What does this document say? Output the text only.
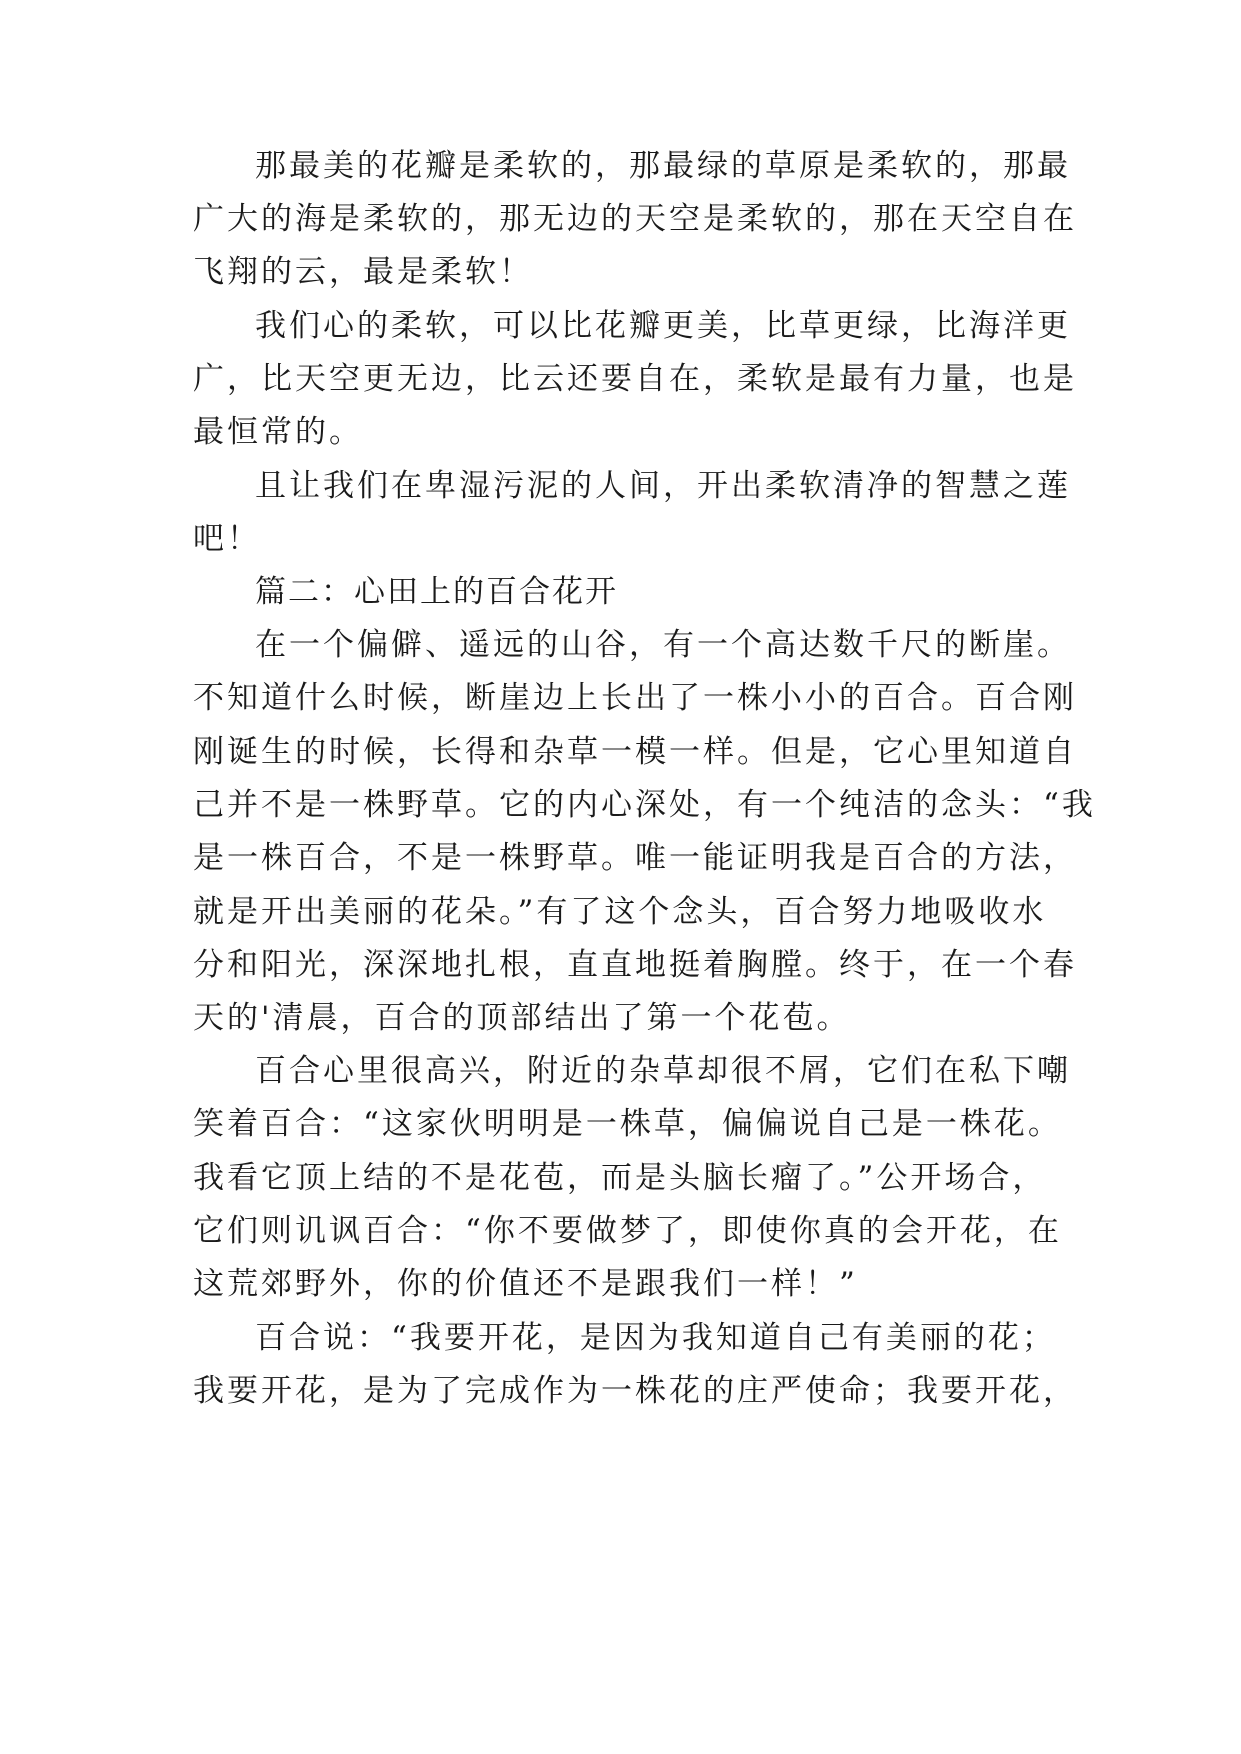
那最美的花瓣是柔软的，那最绿的草原是柔软的，那最

广大的海是柔软的，那无边的天空是柔软的，那在天空自在

飞翔的云，最是柔软！

我们心的柔软，可以比花瓣更美，比草更绿，比海洋更

广，比天空更无边，比云还要自在，柔软是最有力量，也是

最恒常的。

且让我们在卑湿污泥的人间，开出柔软清净的智慧之莲

吧！

篇二：心田上的百合花开

在一个偏僻、遥远的山谷，有一个高达数千尺的断崖。

不知道什么时候，断崖边上长出了一株小小的百合。百合刚

刚诞生的时候，长得和杂草一模一样。但是，它心里知道自

己并不是一株野草。它的内心深处，有一个纯洁的念头：“我

是一株百合，不是一株野草。唯一能证明我是百合的方法，

就是开出美丽的花朵。”有了这个念头，百合努力地吸收水

分和阳光，深深地扎根，直直地挺着胸膛。终于，在一个春

天的'清晨，百合的顶部结出了第一个花苞。

百合心里很高兴，附近的杂草却很不屑，它们在私下嘲

笑着百合：“这家伙明明是一株草，偏偏说自己是一株花。

我看它顶上结的不是花苞，而是头脑长瘤了。”公开场合，

它们则讥讽百合：“你不要做梦了，即使你真的会开花，在

这荒郊野外，你的价值还不是跟我们一样！”

百合说：“我要开花，是因为我知道自己有美丽的花；

我要开花，是为了完成作为一株花的庄严使命；我要开花，
